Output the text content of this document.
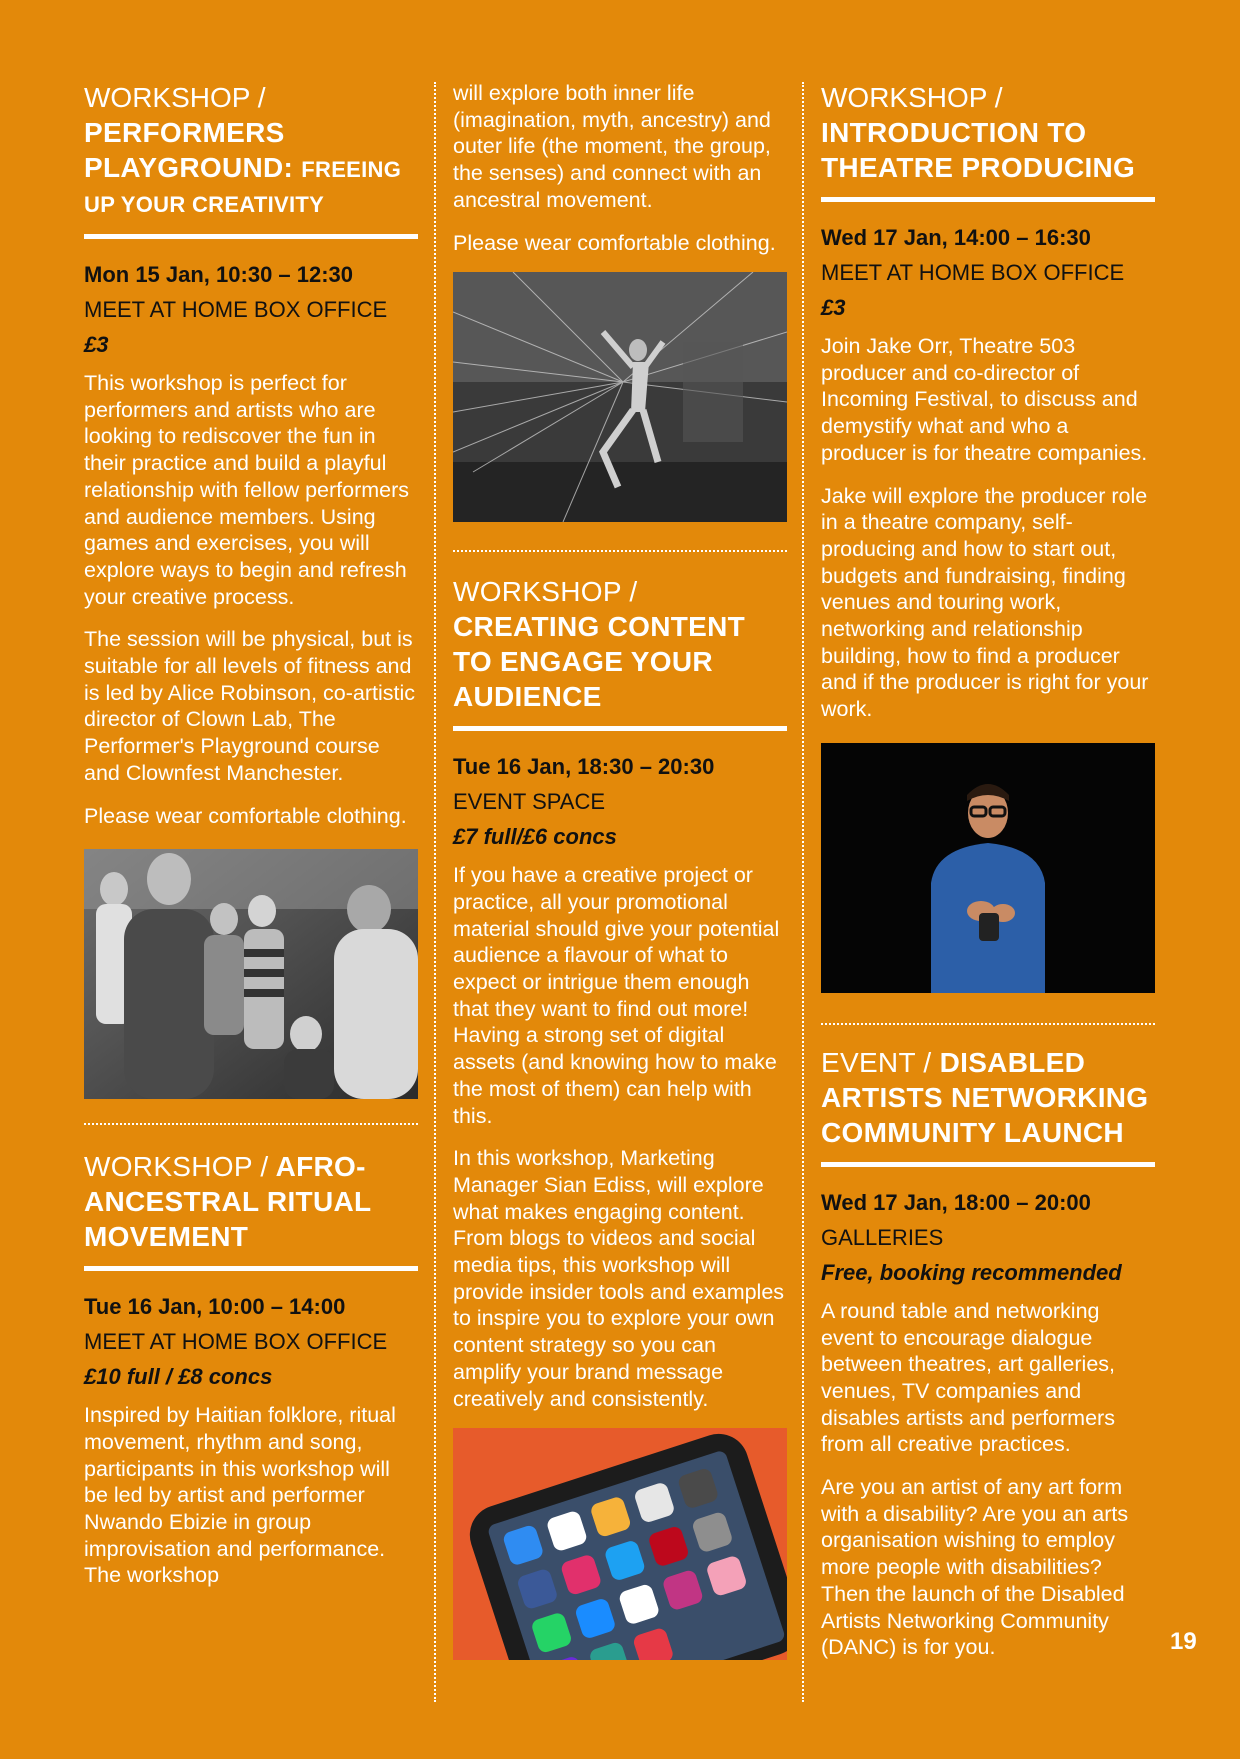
WORKSHOP /
PERFORMERS PLAYGROUND: FREEING
UP YOUR CREATIVITY
Mon 15 Jan, 10:30 – 12:30
MEET AT HOME BOX OFFICE
£3
This workshop is perfect for performers and artists who are looking to rediscover the fun in their practice and build a playful relationship with fellow performers and audience members. Using games and exercises, you will explore ways to begin and refresh your creative process.
The session will be physical, but is suitable for all levels of fitness and is led by Alice Robinson, co-artistic director of Clown Lab, The Performer's Playground course and Clownfest Manchester.
Please wear comfortable clothing.
WORKSHOP / AFRO-ANCESTRAL RITUAL MOVEMENT
Tue 16 Jan, 10:00 – 14:00
MEET AT HOME BOX OFFICE
£10 full / £8 concs
Inspired by Haitian folklore, ritual movement, rhythm and song, participants in this workshop will be led by artist and performer Nwando Ebizie in group improvisation and performance. The workshop
will explore both inner life (imagination, myth, ancestry) and outer life (the moment, the group, the senses) and connect with an ancestral movement.
Please wear comfortable clothing.
WORKSHOP / CREATING CONTENT TO ENGAGE YOUR AUDIENCE
Tue 16 Jan, 18:30 – 20:30
EVENT SPACE
£7 full/£6 concs
If you have a creative project or practice, all your promotional material should give your potential audience a flavour of what to expect or intrigue them enough that they want to find out more! Having a strong set of digital assets (and knowing how to make the most of them) can help with this.
In this workshop, Marketing Manager Sian Ediss, will explore what makes engaging content. From blogs to videos and social media tips, this workshop will provide insider tools and examples to inspire you to explore your own content strategy so you can amplify your brand message creatively and consistently.
WORKSHOP /
INTRODUCTION TO THEATRE PRODUCING
Wed 17 Jan, 14:00 – 16:30
MEET AT HOME BOX OFFICE
£3
Join Jake Orr, Theatre 503 producer and co-director of Incoming Festival, to discuss and demystify what and who a producer is for theatre companies.
Jake will explore the producer role in a theatre company, self-producing and how to start out, budgets and fundraising, finding venues and touring work, networking and relationship building, how to find a producer and if the producer is right for your work.
EVENT / DISABLED ARTISTS NETWORKING COMMUNITY LAUNCH
Wed 17 Jan, 18:00 – 20:00
GALLERIES
Free, booking recommended
A round table and networking event to encourage dialogue between theatres, art galleries, venues, TV companies and disables artists and performers from all creative practices.
Are you an artist of any art form with a disability? Are you an arts organisation wishing to employ more people with disabilities? Then the launch of the Disabled Artists Networking Community (DANC) is for you.	19
